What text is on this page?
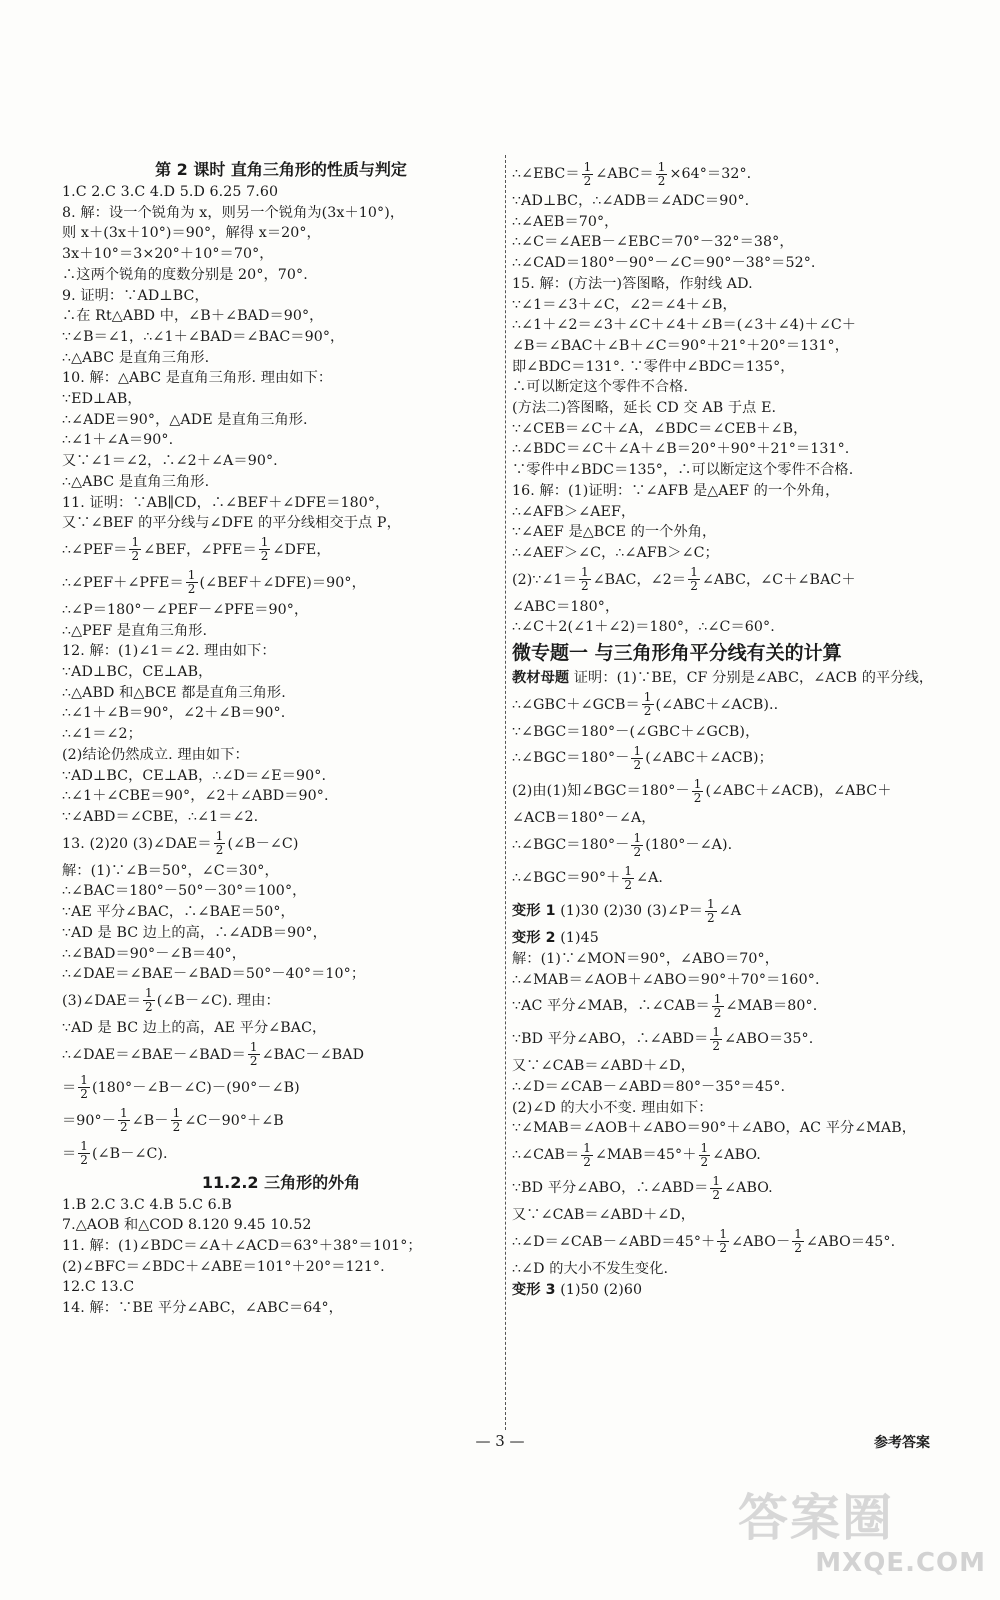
第 2 课时 直角三角形的性质与判定
1.C 2.C 3.C 4.D 5.D 6.25 7.60
8. 解：设一个锐角为 x，则另一个锐角为(3x＋10°)，
则 x＋(3x＋10°)＝90°，解得 x＝20°，
3x＋10°＝3×20°＋10°＝70°，
∴这两个锐角的度数分别是 20°，70°.
9. 证明：∵AD⊥BC，
∴在 Rt△ABD 中，∠B＋∠BAD＝90°，
∵∠B＝∠1，∴∠1＋∠BAD＝∠BAC＝90°，
∴△ABC 是直角三角形.
10. 解：△ABC 是直角三角形. 理由如下：
∵ED⊥AB，
∴∠ADE＝90°，△ADE 是直角三角形.
∴∠1＋∠A＝90°.
又∵∠1＝∠2，∴∠2＋∠A＝90°.
∴△ABC 是直角三角形.
11. 证明：∵AB∥CD，∴∠BEF＋∠DFE＝180°，
又∵∠BEF 的平分线与∠DFE 的平分线相交于点 P，
∴∠PEF＝ $\frac{1}{2}$ ∠BEF，∠PFE＝ $\frac{1}{2}$ ∠DFE，
∴∠PEF＋∠PFE＝ $\frac{1}{2}$ (∠BEF＋∠DFE)＝90°，
∴∠P＝180°－∠PEF－∠PFE＝90°，
∴△PEF 是直角三角形.
12. 解：(1)∠1＝∠2. 理由如下：
∵AD⊥BC，CE⊥AB，
∴△ABD 和△BCE 都是直角三角形.
∴∠1＋∠B＝90°，∠2＋∠B＝90°.
∴∠1＝∠2；
(2)结论仍然成立. 理由如下：
∵AD⊥BC，CE⊥AB，∴∠D＝∠E＝90°.
∴∠1＋∠CBE＝90°，∠2＋∠ABD＝90°.
∵∠ABD＝∠CBE，∴∠1＝∠2.
13. (2)20 (3)∠DAE＝ $\frac{1}{2}$ (∠B－∠C)
解：(1)∵∠B＝50°，∠C＝30°，
∴∠BAC＝180°－50°－30°＝100°，
∵AE 平分∠BAC，∴∠BAE＝50°，
∵AD 是 BC 边上的高，∴∠ADB＝90°，
∴∠BAD＝90°－∠B＝40°，
∴∠DAE＝∠BAE－∠BAD＝50°－40°＝10°；
(3)∠DAE＝ $\frac{1}{2}$ (∠B－∠C). 理由：
∵AD 是 BC 边上的高，AE 平分∠BAC，
∴∠DAE＝∠BAE－∠BAD＝ $\frac{1}{2}$ ∠BAC－∠BAD
＝ $\frac{1}{2}$ (180°－∠B－∠C)－(90°－∠B)
$=90^\circ- \frac{1}{2}$ ∠B－ $\frac{1}{2}$ ∠C－90°＋∠B
＝ $\frac{1}{2}$ (∠B－∠C).
11.2.2 三角形的外角
1.B 2.C 3.C 4.B 5.C 6.B
7.△AOB 和△COD 8.120 9.45 10.52
11. 解：(1)∠BDC＝∠A＋∠ACD＝63°＋38°＝101°；
(2)∠BFC＝∠BDC＋∠ABE＝101°＋20°＝121°.
12.C 13.C
14. 解：∵BE 平分∠ABC，∠ABC＝64°，
∴∠EBC＝ $\frac{1}{2}$ ∠ABC＝ $\frac{1}{2} \times 64^\circ=32^\circ$.
∵AD⊥BC，∴∠ADB＝∠ADC＝90°.
∴∠AEB＝70°，
∴∠C＝∠AEB－∠EBC＝70°－32°＝38°，
∴∠CAD＝180°－90°－∠C＝90°－38°＝52°.
15. 解：(方法一)答图略，作射线 AD.
∵∠1＝∠3＋∠C，∠2＝∠4＋∠B，
∴∠1＋∠2＝∠3＋∠C＋∠4＋∠B＝(∠3＋∠4)＋∠C＋
∠B＝∠BAC＋∠B＋∠C＝90°＋21°＋20°＝131°，
即∠BDC＝131°. ∵零件中∠BDC＝135°，
∴可以断定这个零件不合格.
(方法二)答图略，延长 CD 交 AB 于点 E.
∵∠CEB＝∠C＋∠A，∠BDC＝∠CEB＋∠B，
∴∠BDC＝∠C＋∠A＋∠B＝20°＋90°＋21°＝131°.
∵零件中∠BDC＝135°，∴可以断定这个零件不合格.
16. 解：(1)证明：∵∠AFB 是△AEF 的一个外角，
∴∠AFB＞∠AEF，
∵∠AEF 是△BCE 的一个外角，
∴∠AEF＞∠C，∴∠AFB＞∠C；
(2)∵∠1＝ $\frac{1}{2}$ ∠BAC，∠2＝ $\frac{1}{2}$ ∠ABC，∠C＋∠BAC＋
∠ABC＝180°，
∴∠C＋2(∠1＋∠2)＝180°，∴∠C＝60°.
微专题一 与三角形角平分线有关的计算
教材母题 证明：(1)∵BE，CF 分别是∠ABC，∠ACB 的平分线，
∴∠GBC＋∠GCB＝ $\frac{1}{2}$ (∠ABC＋∠ACB)..
∵∠BGC＝180°－(∠GBC＋∠GCB)，
∴∠BGC＝180°－ $\frac{1}{2}$ (∠ABC＋∠ACB)；
(2)由(1)知∠BGC＝180°－ $\frac{1}{2}$ (∠ABC＋∠ACB)，∠ABC＋
∠ACB＝180°－∠A，
∴∠BGC＝180°－ $\frac{1}{2}$ (180°－∠A).
∴∠BGC＝90°＋ $\frac{1}{2}$ ∠A.
变形 1 (1)30 (2)30 (3)∠P＝ $\frac{1}{2}$ ∠A
变形 2 (1)45
解：(1)∵∠MON＝90°，∠ABO＝70°，
∴∠MAB＝∠AOB＋∠ABO＝90°＋70°＝160°.
∵AC 平分∠MAB，∴∠CAB＝ $\frac{1}{2}$ ∠MAB＝80°.
∵BD 平分∠ABO，∴∠ABD＝ $\frac{1}{2}$ ∠ABO＝35°.
又∵∠CAB＝∠ABD＋∠D，
∴∠D＝∠CAB－∠ABD＝80°－35°＝45°.
(2)∠D 的大小不变. 理由如下：
∵∠MAB＝∠AOB＋∠ABO＝90°＋∠ABO，AC 平分∠MAB，
∴∠CAB＝ $\frac{1}{2}$ ∠MAB＝45°＋ $\frac{1}{2}$ ∠ABO.
∵BD 平分∠ABO，∴∠ABD＝ $\frac{1}{2}$ ∠ABO.
又∵∠CAB＝∠ABD＋∠D，
∴∠D＝∠CAB－∠ABD＝45°＋ $\frac{1}{2}$ ∠ABO－ $\frac{1}{2}$ ∠ABO＝45°.
∴∠D 的大小不发生变化.
变形 3 (1)50 (2)60
— 3 —	参考答案
答案圈
MXQE.COM
